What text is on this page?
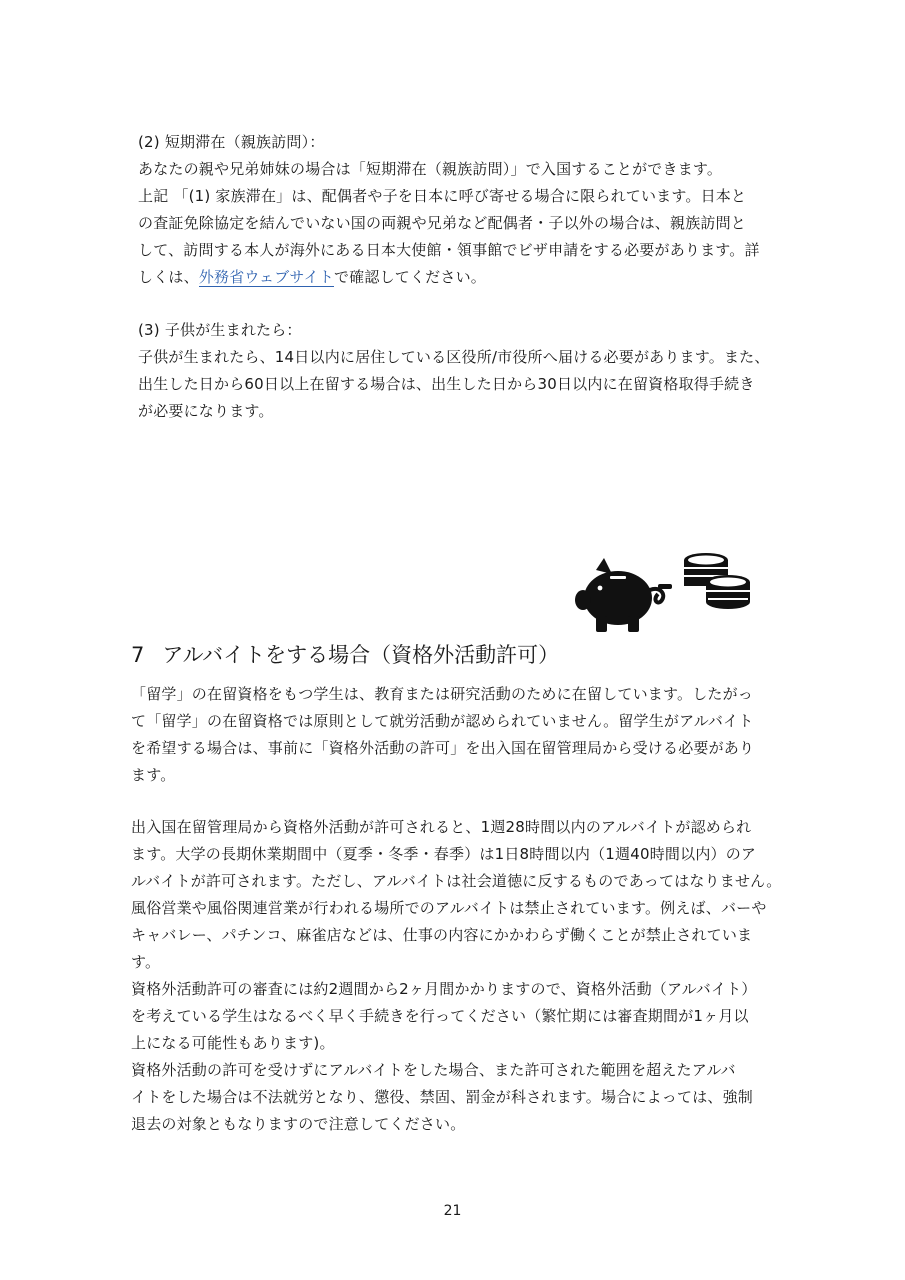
(2) 短期滞在（親族訪問）：
あなたの親や兄弟姉妹の場合は「短期滞在（親族訪問）」で入国することができます。
上記 「(1) 家族滞在」は、配偶者や子を日本に呼び寄せる場合に限られています。日本と
の査証免除協定を結んでいない国の両親や兄弟など配偶者・子以外の場合は、親族訪問と
して、訪問する本人が海外にある日本大使館・領事館でビザ申請をする必要があります。詳
しくは、外務省ウェブサイトで確認してください。
(3) 子供が生まれたら：
子供が生まれたら、14日以内に居住している区役所/市役所へ届ける必要があります。また、
出生した日から60日以上在留する場合は、出生した日から30日以内に在留資格取得手続き
が必要になります。
7 アルバイトをする場合（資格外活動許可）
「留学」の在留資格をもつ学生は、教育または研究活動のために在留しています。したがっ
て「留学」の在留資格では原則として就労活動が認められていません。留学生がアルバイト
を希望する場合は、事前に「資格外活動の許可」を出入国在留管理局から受ける必要があり
ます。
出入国在留管理局から資格外活動が許可されると、1週28時間以内のアルバイトが認められ
ます。大学の長期休業期間中（夏季・冬季・春季）は1日8時間以内（1週40時間以内）のア
ルバイトが許可されます。ただし、アルバイトは社会道徳に反するものであってはなりません。
風俗営業や風俗関連営業が行われる場所でのアルバイトは禁止されています。例えば、バーや
キャバレー、パチンコ、麻雀店などは、仕事の内容にかかわらず働くことが禁止されていま
す。
資格外活動許可の審査には約2週間から2ヶ月間かかりますので、資格外活動（アルバイト）
を考えている学生はなるべく早く手続きを行ってください（繁忙期には審査期間が1ヶ月以
上になる可能性もあります)。
資格外活動の許可を受けずにアルバイトをした場合、また許可された範囲を超えたアルバ
イトをした場合は不法就労となり、懲役、禁固、罰金が科されます。場合によっては、強制
退去の対象ともなりますので注意してください。
21
